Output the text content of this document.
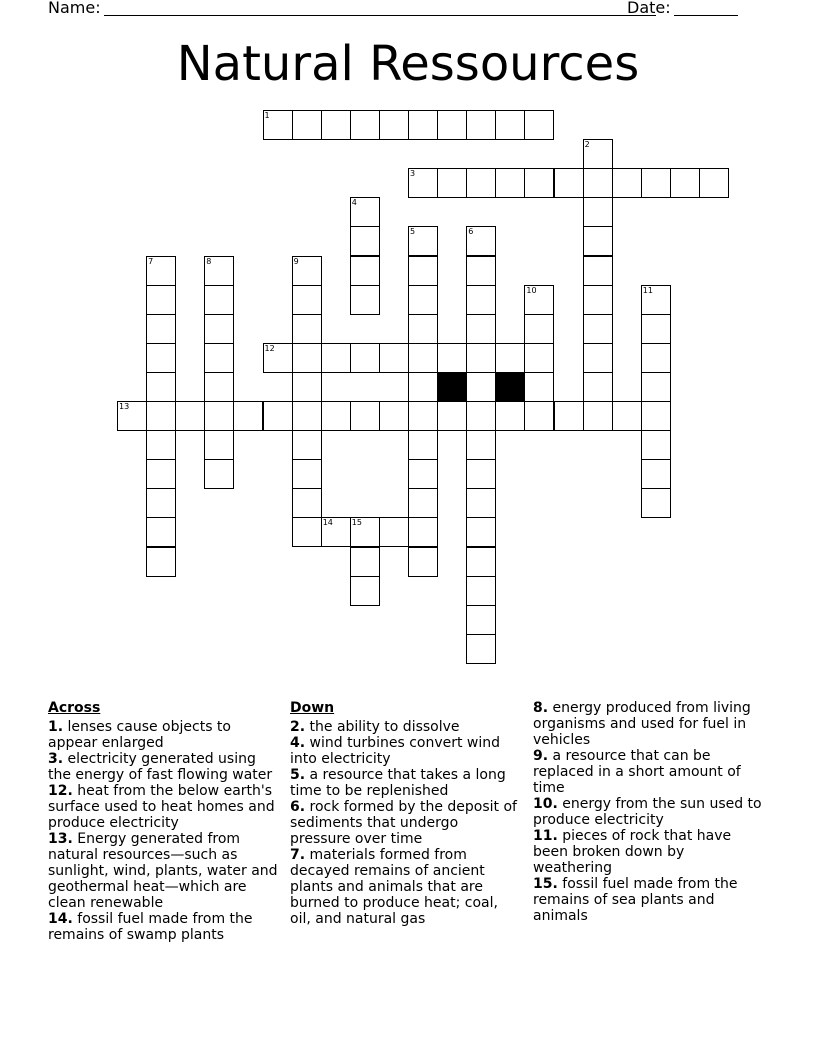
Name:	Date:
Natural Ressources
1
3
12
13
14 15
2
4
5	6
7	8	9
10	11
Across
1. lenses cause objects to appear enlarged
3. electricity generated using the energy of fast flowing water
12. heat from the below earth's surface used to heat homes and produce electricity
13. Energy generated from natural resources—such as sunlight, wind, plants, water and geothermal heat—which are clean renewable
14. fossil fuel made from the remains of swamp plants
Down
2. the ability to dissolve
4. wind turbines convert wind into electricity
5. a resource that takes a long time to be replenished
6. rock formed by the deposit of sediments that undergo pressure over time
7. materials formed from decayed remains of ancient plants and animals that are burned to produce heat; coal, oil, and natural gas
8. energy produced from living organisms and used for fuel in vehicles
9. a resource that can be replaced in a short amount of time
10. energy from the sun used to produce electricity
11. pieces of rock that have been broken down by weathering
15. fossil fuel made from the remains of sea plants and animals
